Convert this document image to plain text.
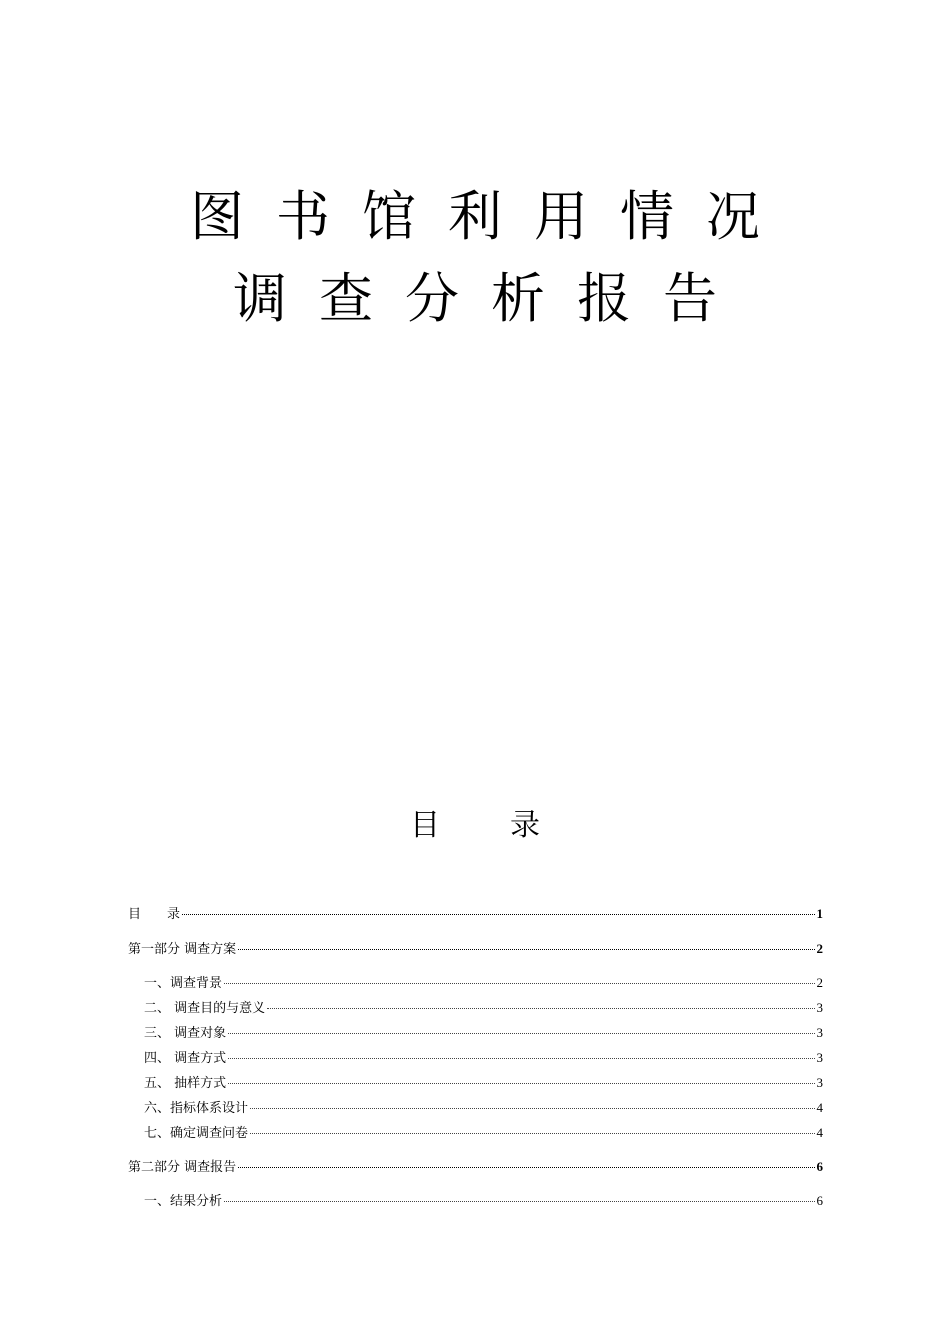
图书馆利用情况
调查分析报告
目录
目　　录	1
第一部分 调查方案	2
一、调查背景	2
二、 调查目的与意义	3
三、 调查对象	3
四、 调查方式	3
五、 抽样方式	3
六、指标体系设计	4
七、确定调查问卷	4
第二部分 调查报告	6
一、结果分析	6
